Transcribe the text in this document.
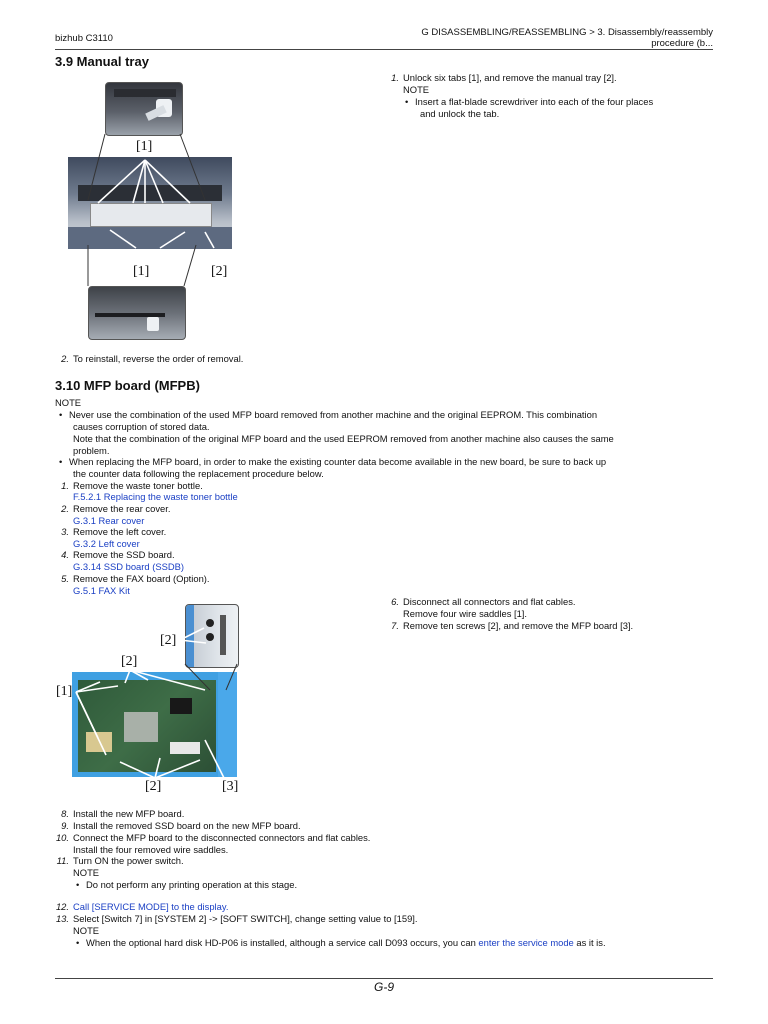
bizhub C3110
G DISASSEMBLING/REASSEMBLING > 3. Disassembly/reassembly
procedure (b...
3.9 Manual tray
1. Unlock six tabs [1], and remove the manual tray [2].
NOTE
• Insert a flat-blade screwdriver into each of the four places
and unlock the tab.
[1]
[1]	[2]
2. To reinstall, reverse the order of removal.
3.10 MFP board (MFPB)
NOTE
• Never use the combination of the used MFP board removed from another machine and the original EEPROM. This combination
causes corruption of stored data.
Note that the combination of the original MFP board and the used EEPROM removed from another machine also causes the same
problem.
• When replacing the MFP board, in order to make the existing counter data become available in the new board, be sure to back up
the counter data following the replacement procedure below.
1. Remove the waste toner bottle.
F.5.2.1 Replacing the waste toner bottle
2. Remove the rear cover.
G.3.1 Rear cover
3. Remove the left cover.
G.3.2 Left cover
4. Remove the SSD board.
G.3.14 SSD board (SSDB)
5. Remove the FAX board (Option).
G.5.1 FAX Kit
6. Disconnect all connectors and flat cables.
Remove four wire saddles [1].
7. Remove ten screws [2], and remove the MFP board [3].
[2]
[2]
[1]
[2]	[3]
8. Install the new MFP board.
9. Install the removed SSD board on the new MFP board.
10. Connect the MFP board to the disconnected connectors and flat cables.
Install the four removed wire saddles.
11. Turn ON the power switch.
NOTE
• Do not perform any printing operation at this stage.
12. Call [SERVICE MODE] to the display.
13. Select [Switch 7] in [SYSTEM 2] -> [SOFT SWITCH], change setting value to [159].
NOTE
• When the optional hard disk HD-P06 is installed, although a service call D093 occurs, you can enter the service mode as it is.
G-9
